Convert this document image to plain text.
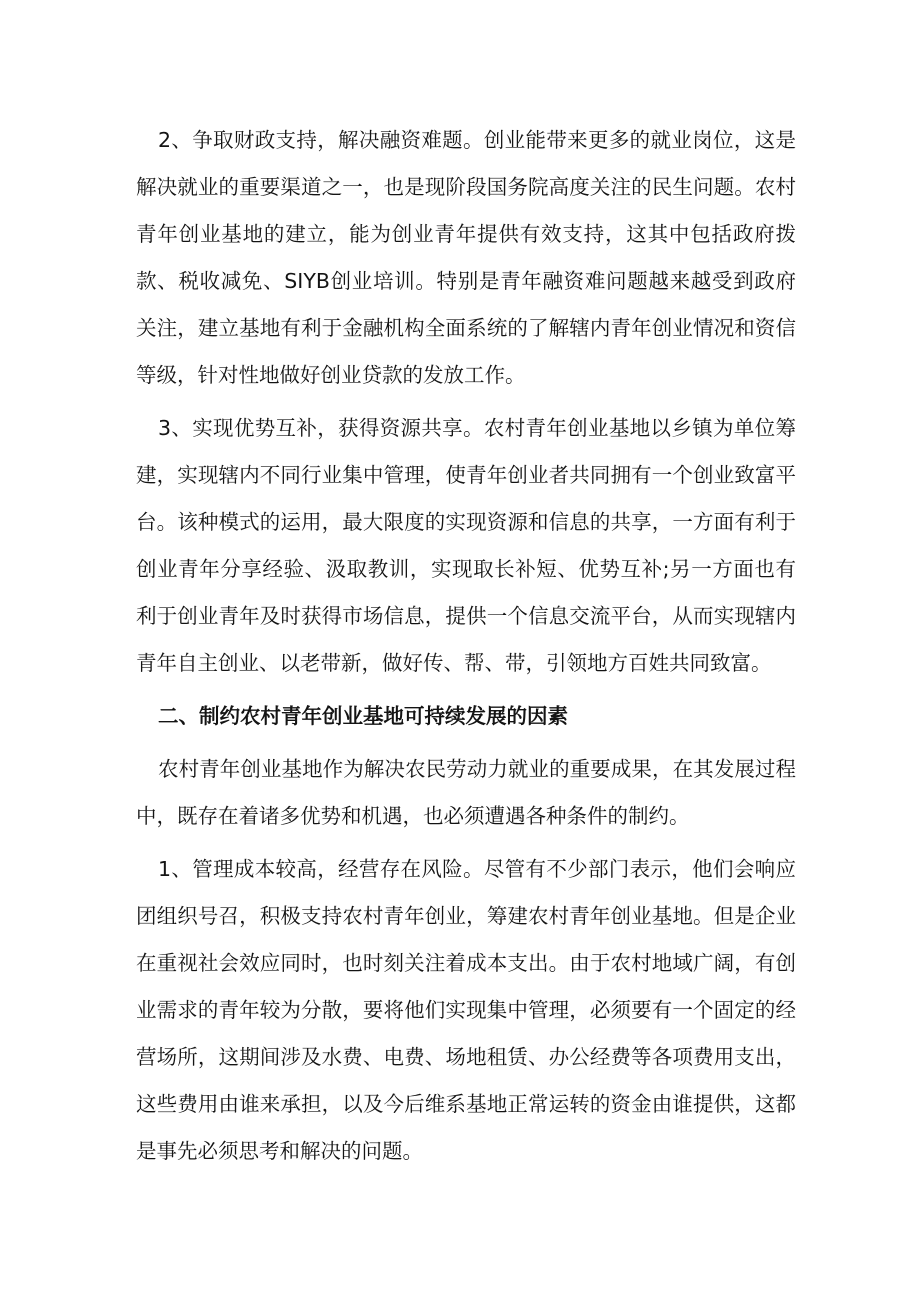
2、争取财政支持，解决融资难题。创业能带来更多的就业岗位，这是解决就业的重要渠道之一，也是现阶段国务院高度关注的民生问题。农村青年创业基地的建立，能为创业青年提供有效支持，这其中包括政府拨款、税收减免、SIYB创业培训。特别是青年融资难问题越来越受到政府关注，建立基地有利于金融机构全面系统的了解辖内青年创业情况和资信等级，针对性地做好创业贷款的发放工作。

3、实现优势互补，获得资源共享。农村青年创业基地以乡镇为单位筹建，实现辖内不同行业集中管理，使青年创业者共同拥有一个创业致富平台。该种模式的运用，最大限度的实现资源和信息的共享，一方面有利于创业青年分享经验、汲取教训，实现取长补短、优势互补;另一方面也有利于创业青年及时获得市场信息，提供一个信息交流平台，从而实现辖内青年自主创业、以老带新，做好传、帮、带，引领地方百姓共同致富。

二、制约农村青年创业基地可持续发展的因素

农村青年创业基地作为解决农民劳动力就业的重要成果，在其发展过程中，既存在着诸多优势和机遇，也必须遭遇各种条件的制约。

1、管理成本较高，经营存在风险。尽管有不少部门表示，他们会响应团组织号召，积极支持农村青年创业，筹建农村青年创业基地。但是企业在重视社会效应同时，也时刻关注着成本支出。由于农村地域广阔，有创业需求的青年较为分散，要将他们实现集中管理，必须要有一个固定的经营场所，这期间涉及水费、电费、场地租赁、办公经费等各项费用支出，这些费用由谁来承担，以及今后维系基地正常运转的资金由谁提供，这都是事先必须思考和解决的问题。
